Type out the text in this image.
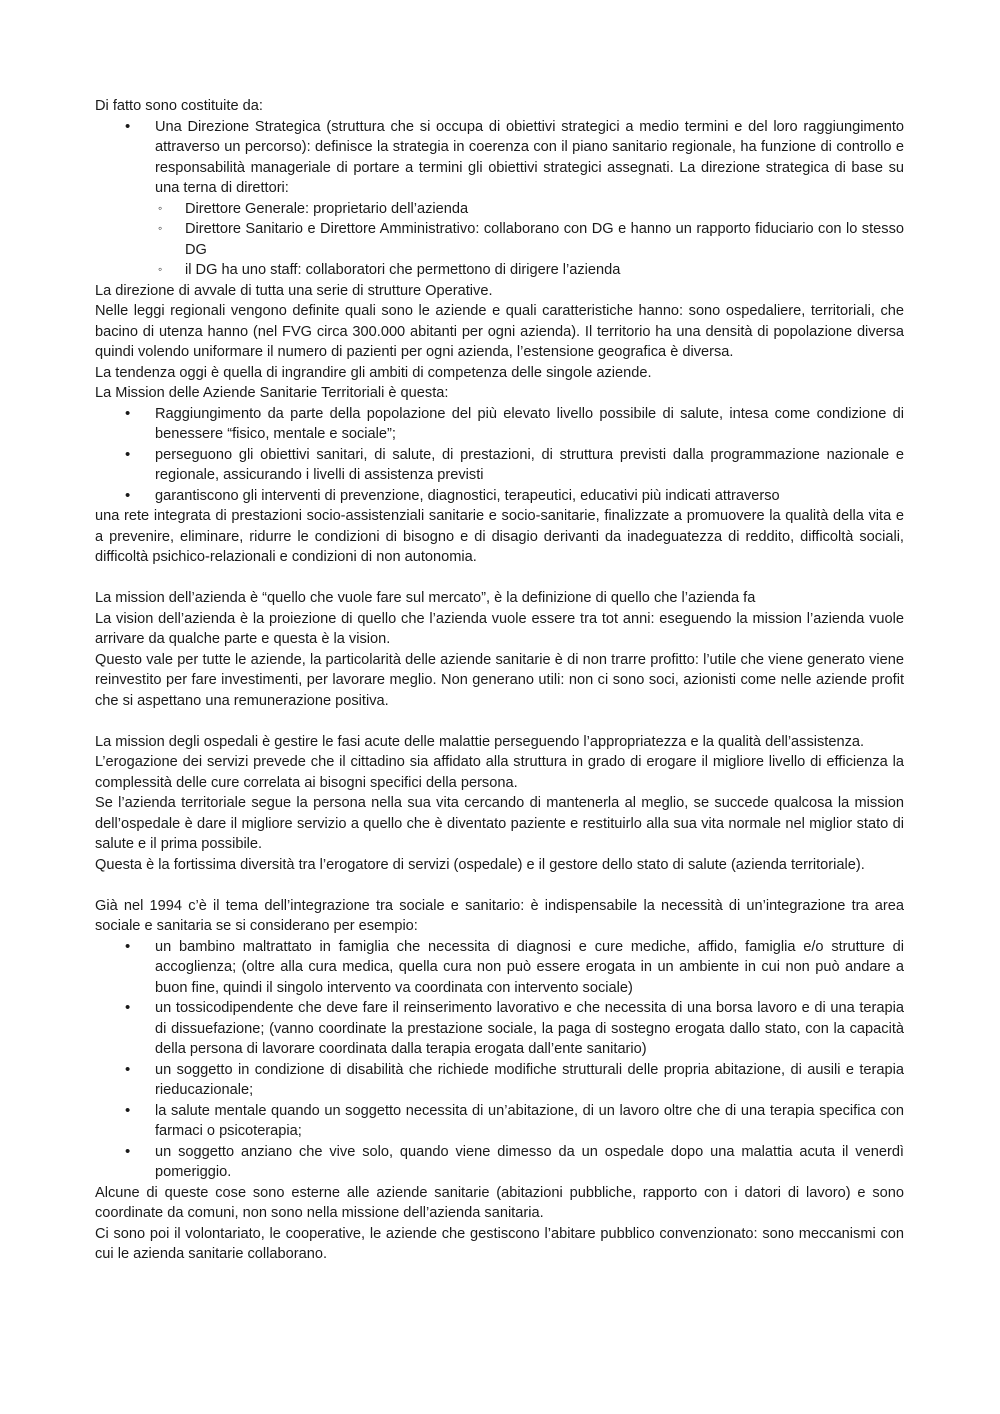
Di fatto sono costituite da:

• Una Direzione Strategica (struttura che si occupa di obiettivi strategici a medio termini e del loro raggiungimento attraverso un percorso): definisce la strategia in coerenza con il piano sanitario regionale, ha funzione di controllo e responsabilità manageriale di portare a termini gli obiettivi strategici assegnati. La direzione strategica di base su una terna di direttori:
◦ Direttore Generale: proprietario dell’azienda
◦ Direttore Sanitario e Direttore Amministrativo: collaborano con DG e hanno un rapporto fiduciario con lo stesso DG
◦ il DG ha uno staff: collaboratori che permettono di dirigere l’azienda

La direzione di avvale di tutta una serie di strutture Operative.

Nelle leggi regionali vengono definite quali sono le aziende e quali caratteristiche hanno: sono ospedaliere, territoriali, che bacino di utenza hanno (nel FVG circa 300.000 abitanti per ogni azienda). Il territorio ha una densità di popolazione diversa quindi volendo uniformare il numero di pazienti per ogni azienda, l’estensione geografica è diversa.

La tendenza oggi è quella di ingrandire gli ambiti di competenza delle singole aziende.

La Mission delle Aziende Sanitarie Territoriali è questa:

• Raggiungimento da parte della popolazione del più elevato livello possibile di salute, intesa come condizione di benessere “fisico, mentale e sociale”;
• perseguono gli obiettivi sanitari, di salute, di prestazioni, di struttura previsti dalla programmazione nazionale e regionale, assicurando i livelli di assistenza previsti
• garantiscono gli interventi di prevenzione, diagnostici, terapeutici, educativi più indicati attraverso

una rete integrata di prestazioni socio-assistenziali sanitarie e socio-sanitarie, finalizzate a promuovere la qualità della vita e a prevenire, eliminare, ridurre le condizioni di bisogno e di disagio derivanti da inadeguatezza di reddito, difficoltà sociali, difficoltà psichico-relazionali e condizioni di non autonomia.

La mission dell’azienda è “quello che vuole fare sul mercato”, è la definizione di quello che l’azienda fa

La vision dell’azienda è la proiezione di quello che l’azienda vuole essere tra tot anni: eseguendo la mission l’azienda vuole arrivare da qualche parte e questa è la vision.

Questo vale per tutte le aziende, la particolarità delle aziende sanitarie è di non trarre profitto: l’utile che viene generato viene reinvestito per fare investimenti, per lavorare meglio. Non generano utili: non ci sono soci, azionisti come nelle aziende profit che si aspettano una remunerazione positiva.

La mission degli ospedali è gestire le fasi acute delle malattie perseguendo l’appropriatezza e la qualità dell’assistenza.

L’erogazione dei servizi prevede che il cittadino sia affidato alla struttura in grado di erogare il migliore livello di efficienza la complessità delle cure correlata ai bisogni specifici della persona.

Se l’azienda territoriale segue la persona nella sua vita cercando di mantenerla al meglio, se succede qualcosa la mission dell’ospedale è dare il migliore servizio a quello che è diventato paziente e restituirlo alla sua vita normale nel miglior stato di salute e il prima possibile.

Questa è la fortissima diversità tra l’erogatore di servizi (ospedale) e il gestore dello stato di salute (azienda territoriale).

Già nel 1994 c’è il tema dell’integrazione tra sociale e sanitario: è indispensabile la necessità di un’integrazione tra area sociale e sanitaria se si considerano per esempio:

• un bambino maltrattato in famiglia che necessita di diagnosi e cure mediche, affido, famiglia e/o strutture di accoglienza; (oltre alla cura medica, quella cura non può essere erogata in un ambiente in cui non può andare a buon fine, quindi il singolo intervento va coordinata con intervento sociale)
• un tossicodipendente che deve fare il reinserimento lavorativo e che necessita di una borsa lavoro e di una terapia di dissuefazione; (vanno coordinate la prestazione sociale, la paga di sostegno erogata dallo stato, con la capacità della persona di lavorare coordinata dalla terapia erogata dall’ente sanitario)
• un soggetto in condizione di disabilità che richiede modifiche strutturali delle propria abitazione, di ausili e terapia rieducazionale;
• la salute mentale quando un soggetto necessita di un’abitazione, di un lavoro oltre che di una terapia specifica con farmaci o psicoterapia;
• un soggetto anziano che vive solo, quando viene dimesso da un ospedale dopo una malattia acuta il venerdì pomeriggio.

Alcune di queste cose sono esterne alle aziende sanitarie (abitazioni pubbliche, rapporto con i datori di lavoro) e sono coordinate da comuni, non sono nella missione dell’azienda sanitaria.

Ci sono poi il volontariato, le cooperative, le aziende che gestiscono l’abitare pubblico convenzionato: sono meccanismi con cui le azienda sanitarie collaborano.
